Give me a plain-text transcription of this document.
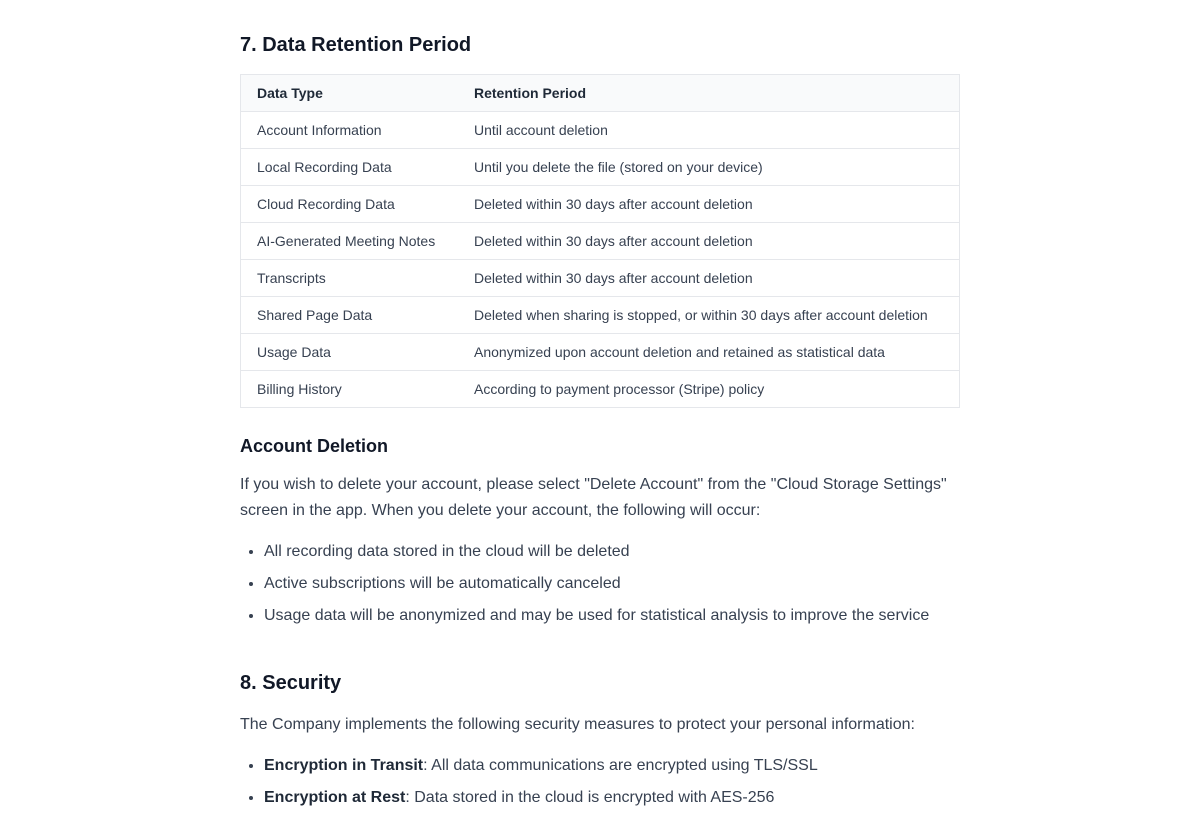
7. Data Retention Period
Data Type	Retention Period
Account Information	Until account deletion
Local Recording Data	Until you delete the file (stored on your device)
Cloud Recording Data	Deleted within 30 days after account deletion
AI-Generated Meeting Notes	Deleted within 30 days after account deletion
Transcripts	Deleted within 30 days after account deletion
Shared Page Data	Deleted when sharing is stopped, or within 30 days after account deletion
Usage Data	Anonymized upon account deletion and retained as statistical data
Billing History	According to payment processor (Stripe) policy
Account Deletion

If you wish to delete your account, please select "Delete Account" from the "Cloud Storage Settings" screen in the app. When you delete your account, the following will occur:

• All recording data stored in the cloud will be deleted
• Active subscriptions will be automatically canceled
• Usage data will be anonymized and may be used for statistical analysis to improve the service
8. Security

The Company implements the following security measures to protect your personal information:

• Encryption in Transit: All data communications are encrypted using TLS/SSL
• Encryption at Rest: Data stored in the cloud is encrypted with AES-256
